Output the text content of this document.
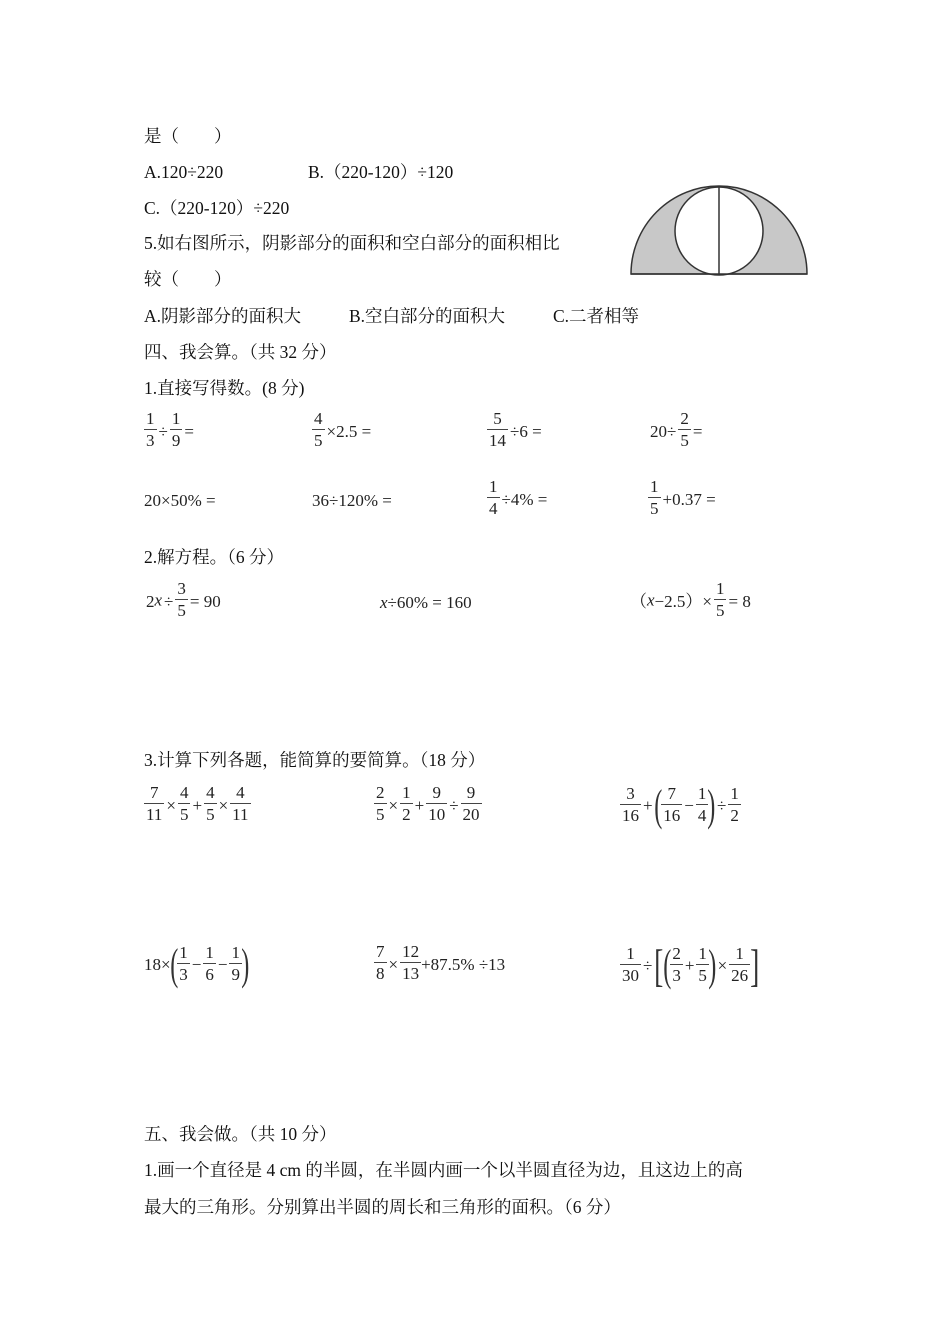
是（　　）
A.120÷220	B.（220-120）÷120
C.（220-120）÷220
5.如右图所示，阴影部分的面积和空白部分的面积相比
较（　　）
A.阴影部分的面积大	B.空白部分的面积大	C.二者相等
四、我会算。（共 32 分）
1.直接写得数。(8 分)
$\frac{1}{3} \div \frac{1}{9}$ =	$\frac{4}{5} \times 2.5$ =	$\frac{5}{14} \div 6$ =	$20\div \frac{2}{5}$ =
20×50% =	36÷120% =	$\frac{1}{4} \div 4\%$ =	$\frac{1}{5} +0.37$ =
2.解方程。（6 分）
$2x \div \frac{3}{5} = 90$	x÷60% = 160	$(x-2.5)\times \frac{1}{5} = 8$
3.计算下列各题，能简算的要简算。（18 分）
$\frac{7}{11} \times \frac{4}{5} + \frac{4}{5} \times \frac{4}{11}$	$\frac{2}{5} \times \frac{1}{2} + \frac{9}{10} \div \frac{9}{20}$	$\frac{3}{16}$ +( $\frac{7}{16} - \frac{1}{4}$ )÷ $\frac{1}{2}$
$18\times( \frac{1}{3} - \frac{1}{6} - \frac{1}{9}$ )	$\frac{7}{8} \times \frac{12}{13} +87.5\% \div 13$	$\frac{1}{30}$ ÷[( $\frac{2}{3} + \frac{1}{5}$ )× $\frac{1}{26}$ ]
五、我会做。（共 10 分）
1.画一个直径是 4 cm 的半圆，在半圆内画一个以半圆直径为边，且这边上的高
最大的三角形。分别算出半圆的周长和三角形的面积。（6 分）
